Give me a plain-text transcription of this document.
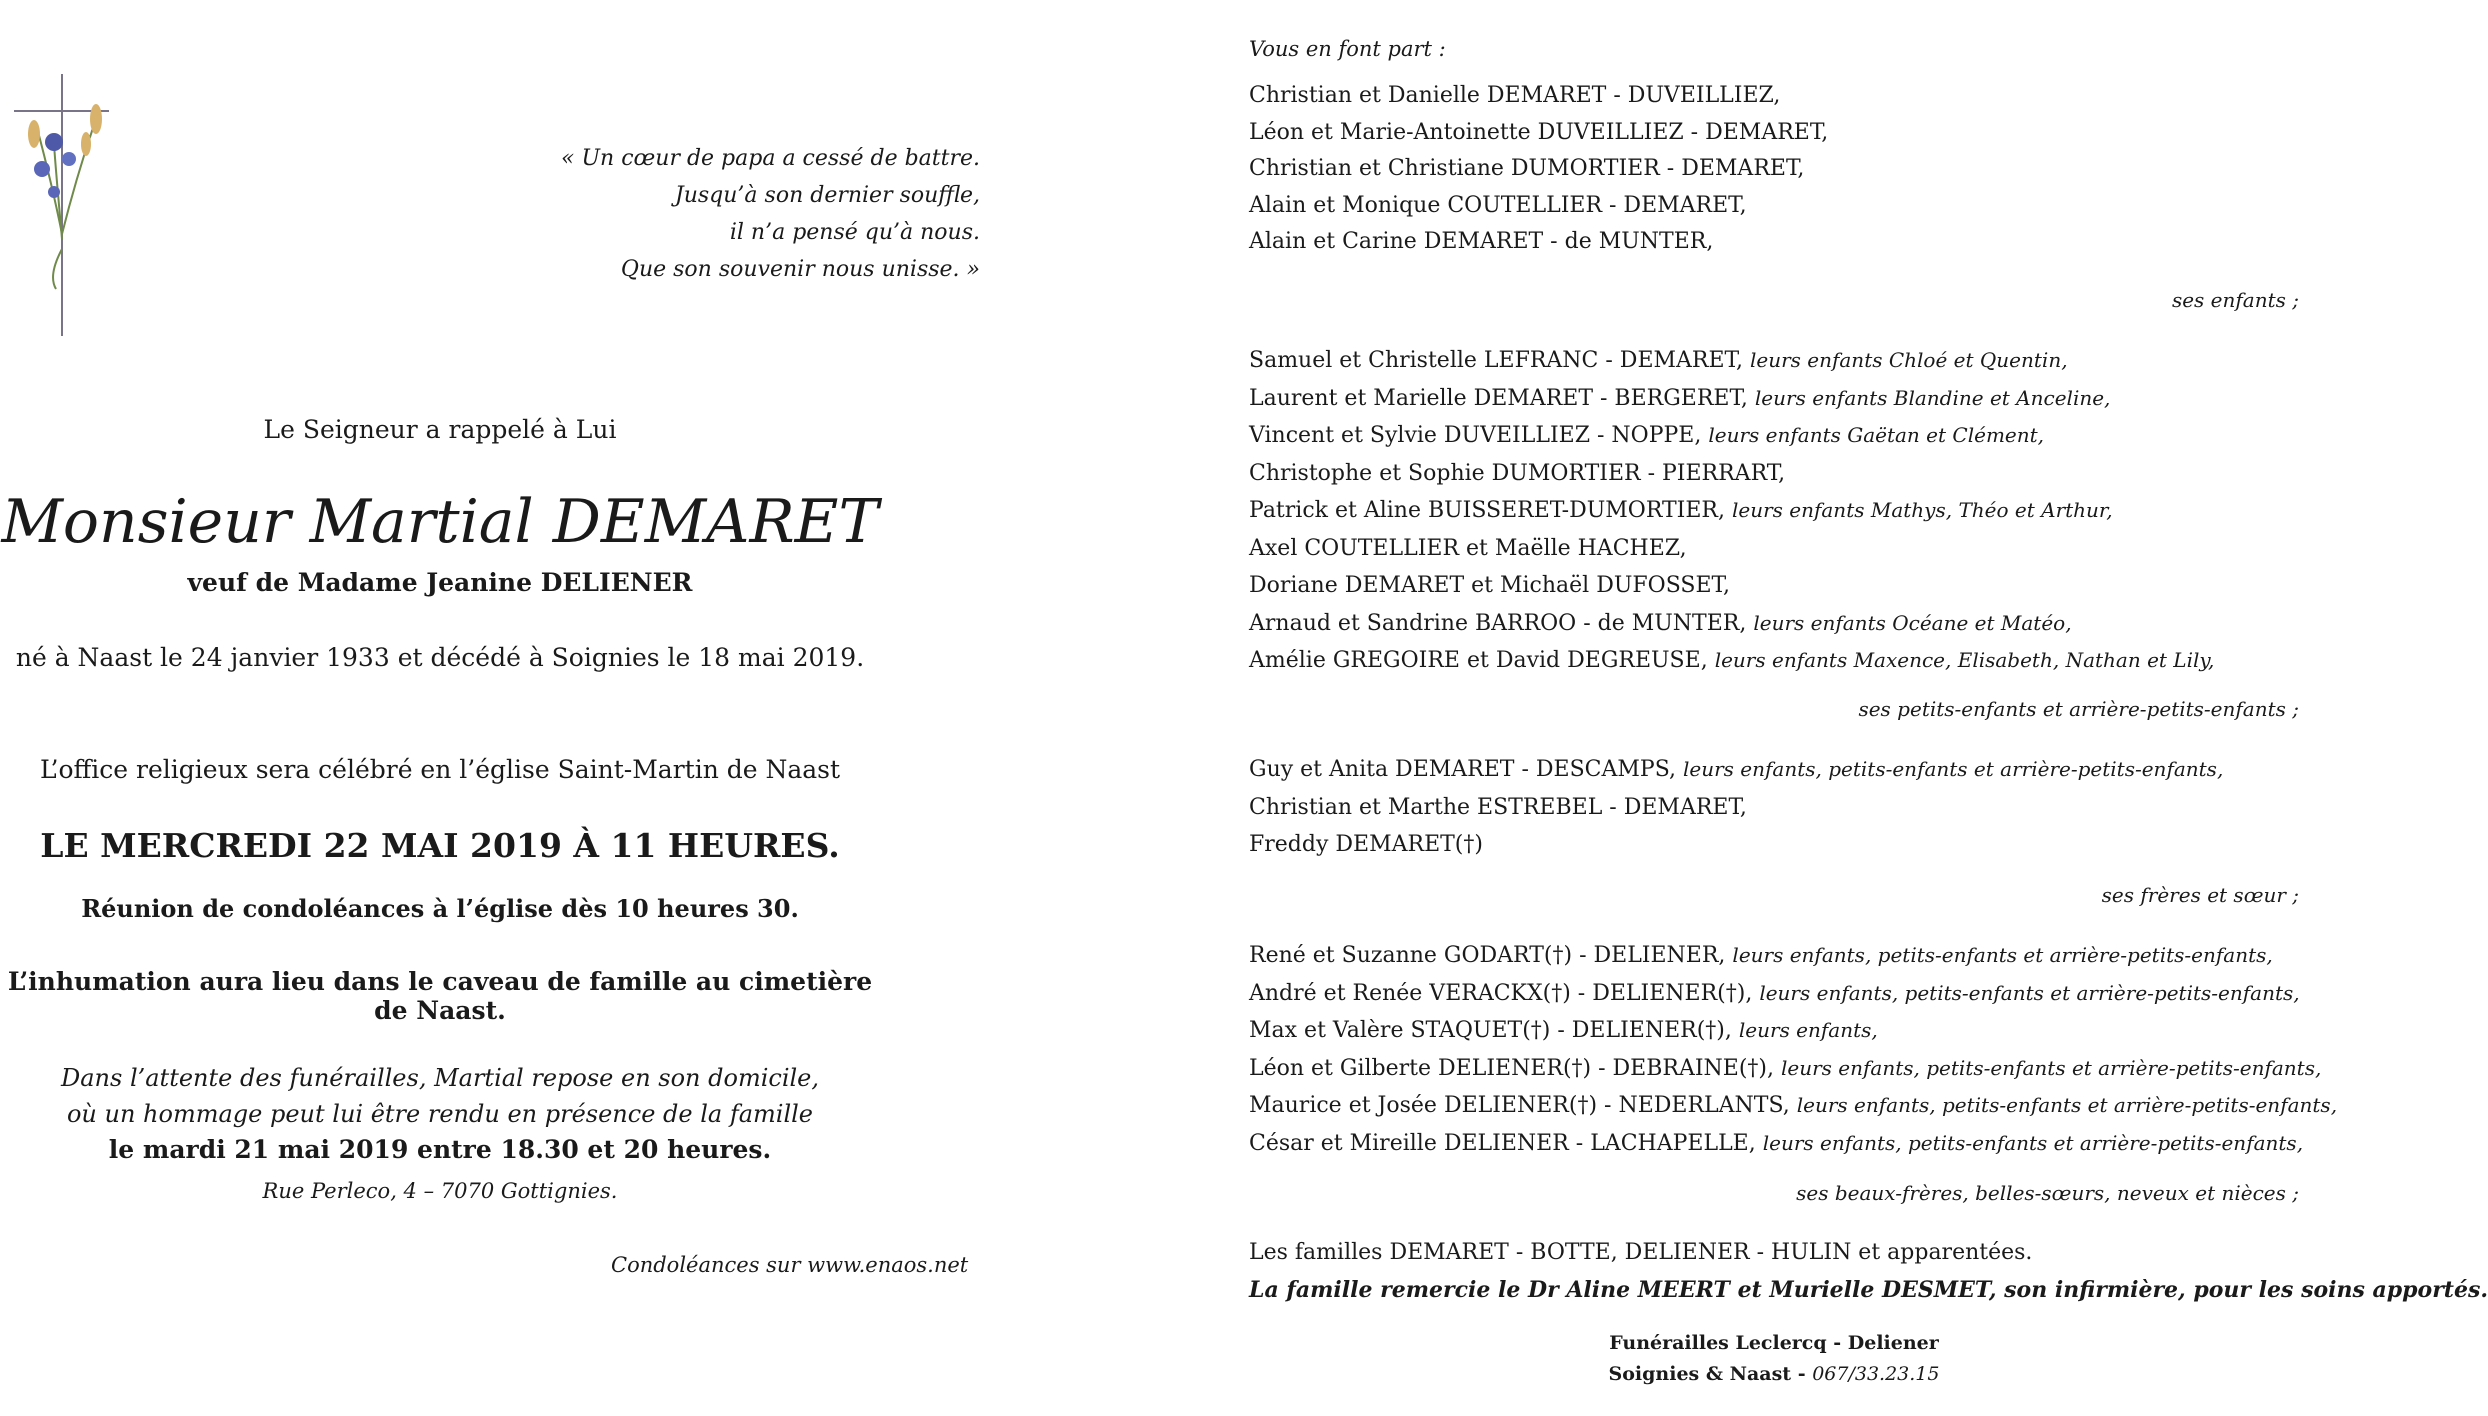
« Un cœur de papa a cessé de battre.
Jusqu’à son dernier souffle,
il n’a pensé qu’à nous.
Que son souvenir nous unisse. »
Le Seigneur a rappelé à Lui
Monsieur Martial DEMARET
veuf de Madame Jeanine DELIENER
né à Naast le 24 janvier 1933 et décédé à Soignies le 18 mai 2019.
L’office religieux sera célébré en l’église Saint-Martin de Naast
LE MERCREDI 22 MAI 2019 À 11 HEURES.
Réunion de condoléances à l’église dès 10 heures 30.
L’inhumation aura lieu dans le caveau de famille au cimetière de Naast.
Dans l’attente des funérailles, Martial repose en son domicile,
où un hommage peut lui être rendu en présence de la famille
le mardi 21 mai 2019 entre 18.30 et 20 heures.
Rue Perleco, 4 – 7070 Gottignies.
Condoléances sur www.enaos.net
Vous en font part :
Christian et Danielle DEMARET - DUVEILLIEZ,
Léon et Marie-Antoinette DUVEILLIEZ - DEMARET,
Christian et Christiane DUMORTIER - DEMARET,
Alain et Monique COUTELLIER - DEMARET,
Alain et Carine DEMARET - de MUNTER,
ses enfants ;
Samuel et Christelle LEFRANC - DEMARET, leurs enfants Chloé et Quentin,
Laurent et Marielle DEMARET - BERGERET, leurs enfants Blandine et Anceline,
Vincent et Sylvie DUVEILLIEZ - NOPPE, leurs enfants Gaëtan et Clément,
Christophe et Sophie DUMORTIER - PIERRART,
Patrick et Aline BUISSERET-DUMORTIER, leurs enfants Mathys, Théo et Arthur,
Axel COUTELLIER et Maëlle HACHEZ,
Doriane DEMARET et Michaël DUFOSSET,
Arnaud et Sandrine BARROO - de MUNTER, leurs enfants Océane et Matéo,
Amélie GREGOIRE et David DEGREUSE, leurs enfants Maxence, Elisabeth, Nathan et Lily,
ses petits-enfants et arrière-petits-enfants ;
Guy et Anita DEMARET - DESCAMPS, leurs enfants, petits-enfants et arrière-petits-enfants,
Christian et Marthe ESTREBEL - DEMARET,
Freddy DEMARET(†)
ses frères et sœur ;
René et Suzanne GODART(†) - DELIENER, leurs enfants, petits-enfants et arrière-petits-enfants,
André et Renée VERACKX(†) - DELIENER(†), leurs enfants, petits-enfants et arrière-petits-enfants,
Max et Valère STAQUET(†) - DELIENER(†), leurs enfants,
Léon et Gilberte DELIENER(†) - DEBRAINE(†), leurs enfants, petits-enfants et arrière-petits-enfants,
Maurice et Josée DELIENER(†) - NEDERLANTS, leurs enfants, petits-enfants et arrière-petits-enfants,
César et Mireille DELIENER - LACHAPELLE, leurs enfants, petits-enfants et arrière-petits-enfants,
ses beaux-frères, belles-sœurs, neveux et nièces ;
Les familles DEMARET - BOTTE, DELIENER - HULIN et apparentées.
La famille remercie le Dr Aline MEERT et Murielle DESMET, son infirmière, pour les soins apportés.
Funérailles Leclercq - Deliener
Soignies & Naast - 067/33.23.15
